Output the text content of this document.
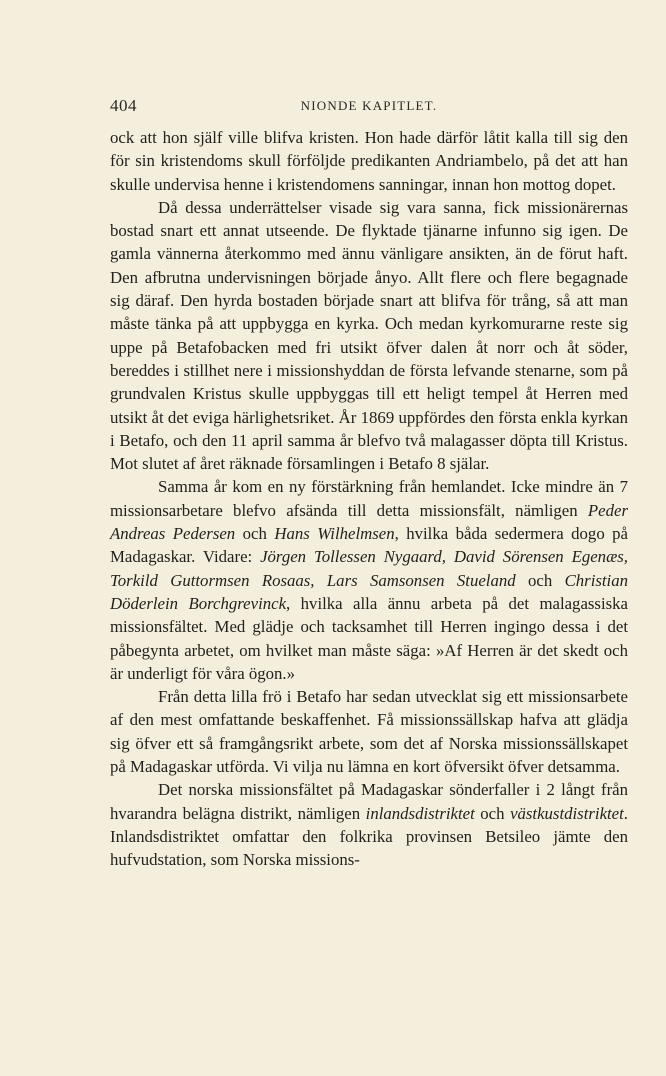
404	NIONDE KAPITLET.

ock att hon själf ville blifva kristen. Hon hade därför låtit kalla till sig den för sin kristendoms skull förföljde predikanten Andriambelo, på det att han skulle undervisa henne i kristendomens sanningar, innan hon mottog dopet.

Då dessa underrättelser visade sig vara sanna, fick missionärernas bostad snart ett annat utseende. De flyktade tjänarne infunno sig igen. De gamla vännerna återkommo med ännu vänligare ansikten, än de förut haft. Den afbrutna undervisningen började ånyo. Allt flere och flere begagnade sig däraf. Den hyrda bostaden började snart att blifva för trång, så att man måste tänka på att uppbygga en kyrka. Och medan kyrkomurarne reste sig uppe på Betafobacken med fri utsikt öfver dalen åt norr och åt söder, bereddes i stillhet nere i missionshyddan de första lefvande stenarne, som på grundvalen Kristus skulle uppbyggas till ett heligt tempel åt Herren med utsikt åt det eviga härlighetsriket. År 1869 uppfördes den första enkla kyrkan i Betafo, och den 11 april samma år blefvo två malagasser döpta till Kristus. Mot slutet af året räknade församlingen i Betafo 8 själar.

Samma år kom en ny förstärkning från hemlandet. Icke mindre än 7 missionsarbetare blefvo afsända till detta missionsfält, nämligen Peder Andreas Pedersen och Hans Wilhelmsen, hvilka båda sedermera dogo på Madagaskar. Vidare: Jörgen Tollessen Nygaard, David Sörensen Egenæs, Torkild Guttormsen Rosaas, Lars Samsonsen Stueland och Christian Döderlein Borchgrevinck, hvilka alla ännu arbeta på det malagassiska missionsfältet. Med glädje och tacksamhet till Herren ingingo dessa i det påbegynta arbetet, om hvilket man måste säga: »Af Herren är det skedt och är underligt för våra ögon.»

Från detta lilla frö i Betafo har sedan utvecklat sig ett missionsarbete af den mest omfattande beskaffenhet. Få missionssällskap hafva att glädja sig öfver ett så framgångsrikt arbete, som det af Norska missionssällskapet på Madagaskar utförda. Vi vilja nu lämna en kort öfversikt öfver detsamma.

Det norska missionsfältet på Madagaskar sönderfaller i 2 långt från hvarandra belägna distrikt, nämligen inlandsdistriktet och västkustdistriktet. Inlandsdistriktet omfattar den folkrika provinsen Betsileo jämte den hufvudstation, som Norska missions-
